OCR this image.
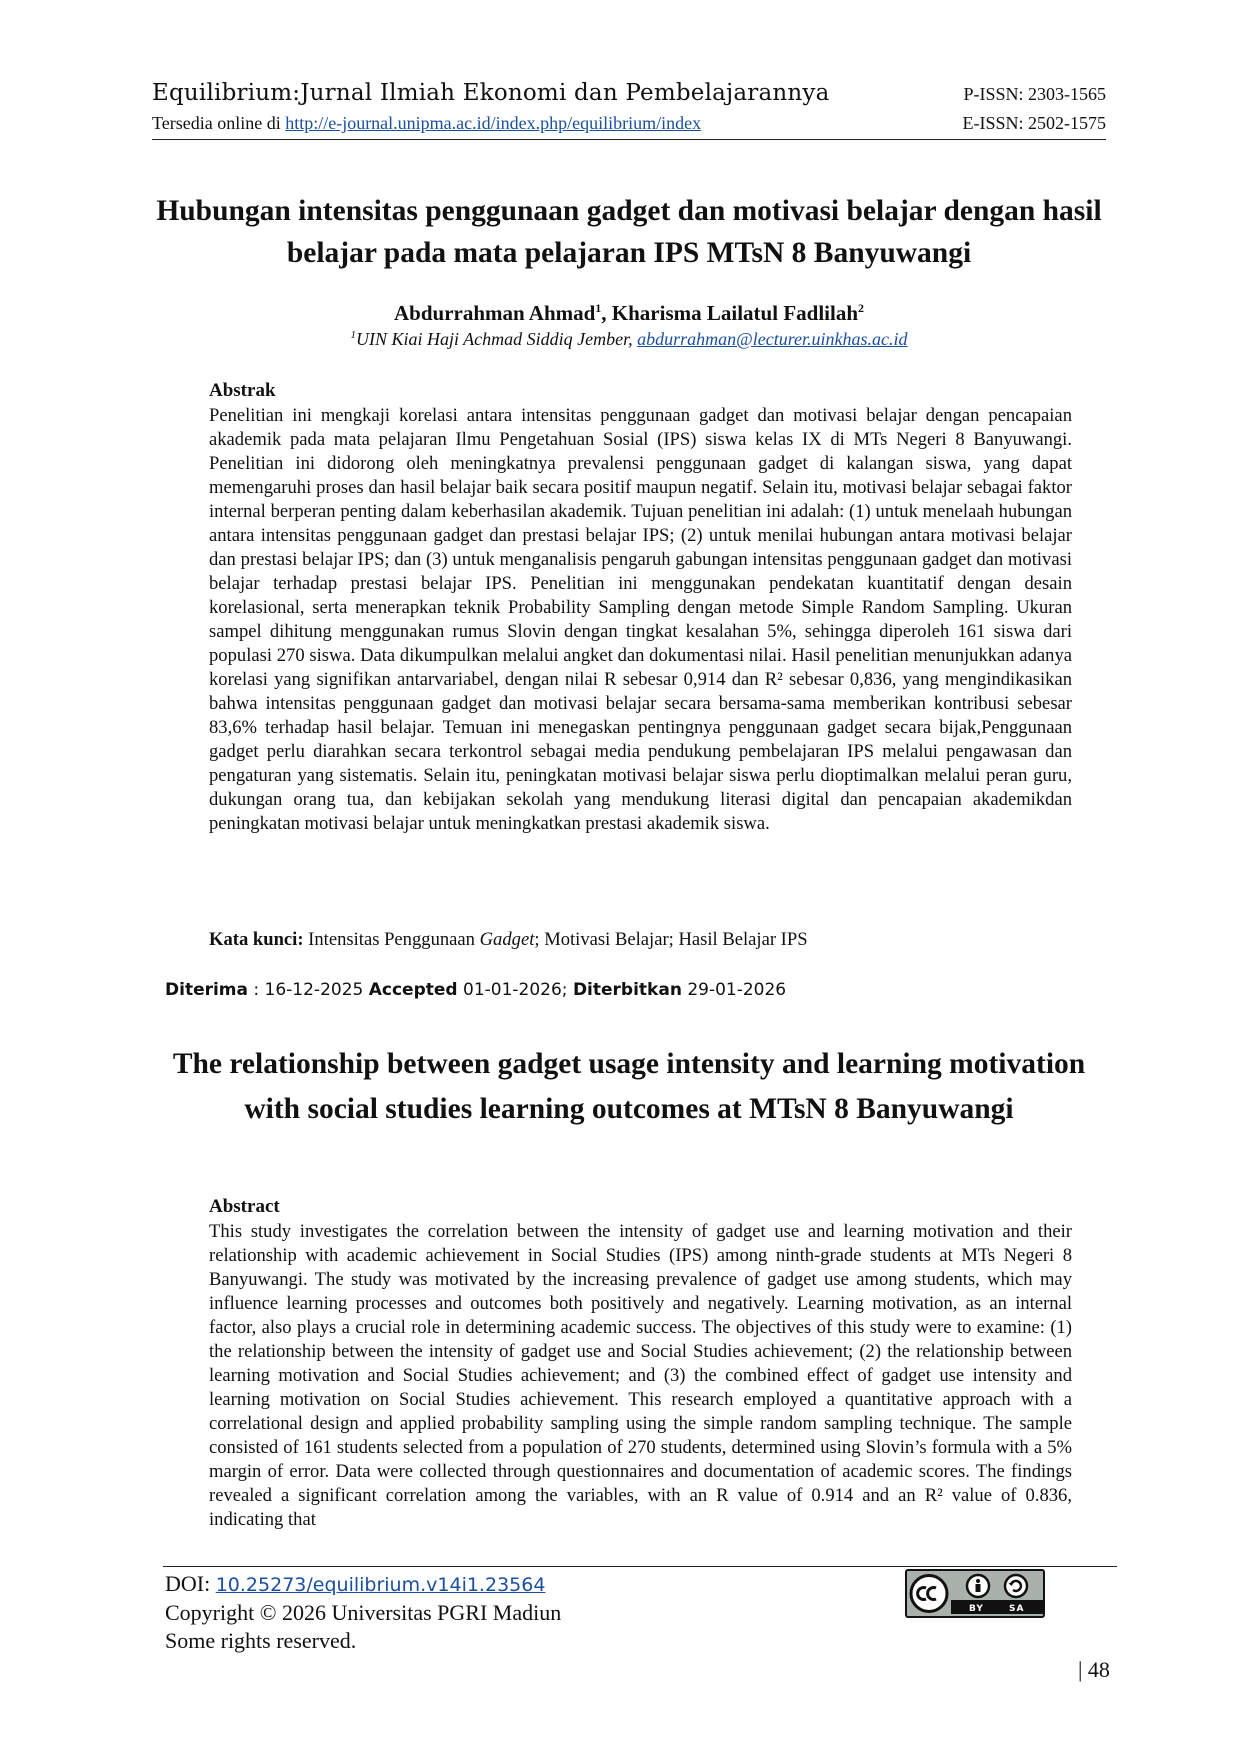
Equilibrium:Jurnal Ilmiah Ekonomi dan Pembelajarannya	P-ISSN: 2303-1565
Tersedia online di http://e-journal.unipma.ac.id/index.php/equilibrium/index	E-ISSN: 2502-1575
Hubungan intensitas penggunaan gadget dan motivasi belajar dengan hasil belajar pada mata pelajaran IPS MTsN 8 Banyuwangi
Abdurrahman Ahmad$^1$, Kharisma Lailatul Fadlilah$^2$
$^1$UIN Kiai Haji Achmad Siddiq Jember, abdurrahman@lecturer.uinkhas.ac.id
Abstrak
Penelitian ini mengkaji korelasi antara intensitas penggunaan gadget dan motivasi belajar dengan pencapaian akademik pada mata pelajaran Ilmu Pengetahuan Sosial (IPS) siswa kelas IX di MTs Negeri 8 Banyuwangi. Penelitian ini didorong oleh meningkatnya prevalensi penggunaan gadget di kalangan siswa, yang dapat memengaruhi proses dan hasil belajar baik secara positif maupun negatif. Selain itu, motivasi belajar sebagai faktor internal berperan penting dalam keberhasilan akademik. Tujuan penelitian ini adalah: (1) untuk menelaah hubungan antara intensitas penggunaan gadget dan prestasi belajar IPS; (2) untuk menilai hubungan antara motivasi belajar dan prestasi belajar IPS; dan (3) untuk menganalisis pengaruh gabungan intensitas penggunaan gadget dan motivasi belajar terhadap prestasi belajar IPS. Penelitian ini menggunakan pendekatan kuantitatif dengan desain korelasional, serta menerapkan teknik Probability Sampling dengan metode Simple Random Sampling. Ukuran sampel dihitung menggunakan rumus Slovin dengan tingkat kesalahan 5%, sehingga diperoleh 161 siswa dari populasi 270 siswa. Data dikumpulkan melalui angket dan dokumentasi nilai. Hasil penelitian menunjukkan adanya korelasi yang signifikan antarvariabel, dengan nilai R sebesar 0,914 dan R² sebesar 0,836, yang mengindikasikan bahwa intensitas penggunaan gadget dan motivasi belajar secara bersama-sama memberikan kontribusi sebesar 83,6% terhadap hasil belajar. Temuan ini menegaskan pentingnya penggunaan gadget secara bijak,Penggunaan gadget perlu diarahkan secara terkontrol sebagai media pendukung pembelajaran IPS melalui pengawasan dan pengaturan yang sistematis. Selain itu, peningkatan motivasi belajar siswa perlu dioptimalkan melalui peran guru, dukungan orang tua, dan kebijakan sekolah yang mendukung literasi digital dan pencapaian akademikdan peningkatan motivasi belajar untuk meningkatkan prestasi akademik siswa.
Kata kunci: Intensitas Penggunaan Gadget; Motivasi Belajar; Hasil Belajar IPS
Diterima : 16-12-2025 Accepted 01-01-2026; Diterbitkan 29-01-2026
The relationship between gadget usage intensity and learning motivation with social studies learning outcomes at MTsN 8 Banyuwangi
Abstract
This study investigates the correlation between the intensity of gadget use and learning motivation and their relationship with academic achievement in Social Studies (IPS) among ninth-grade students at MTs Negeri 8 Banyuwangi. The study was motivated by the increasing prevalence of gadget use among students, which may influence learning processes and outcomes both positively and negatively. Learning motivation, as an internal factor, also plays a crucial role in determining academic success. The objectives of this study were to examine: (1) the relationship between the intensity of gadget use and Social Studies achievement; (2) the relationship between learning motivation and Social Studies achievement; and (3) the combined effect of gadget use intensity and learning motivation on Social Studies achievement. This research employed a quantitative approach with a correlational design and applied probability sampling using the simple random sampling technique. The sample consisted of 161 students selected from a population of 270 students, determined using Slovin’s formula with a 5% margin of error. Data were collected through questionnaires and documentation of academic scores. The findings revealed a significant correlation among the variables, with an R value of 0.914 and an R² value of 0.836, indicating that
DOI: 10.25273/equilibrium.v14i1.23564
Copyright © 2026 Universitas PGRI Madiun
Some rights reserved.
BY	SA
| 48
